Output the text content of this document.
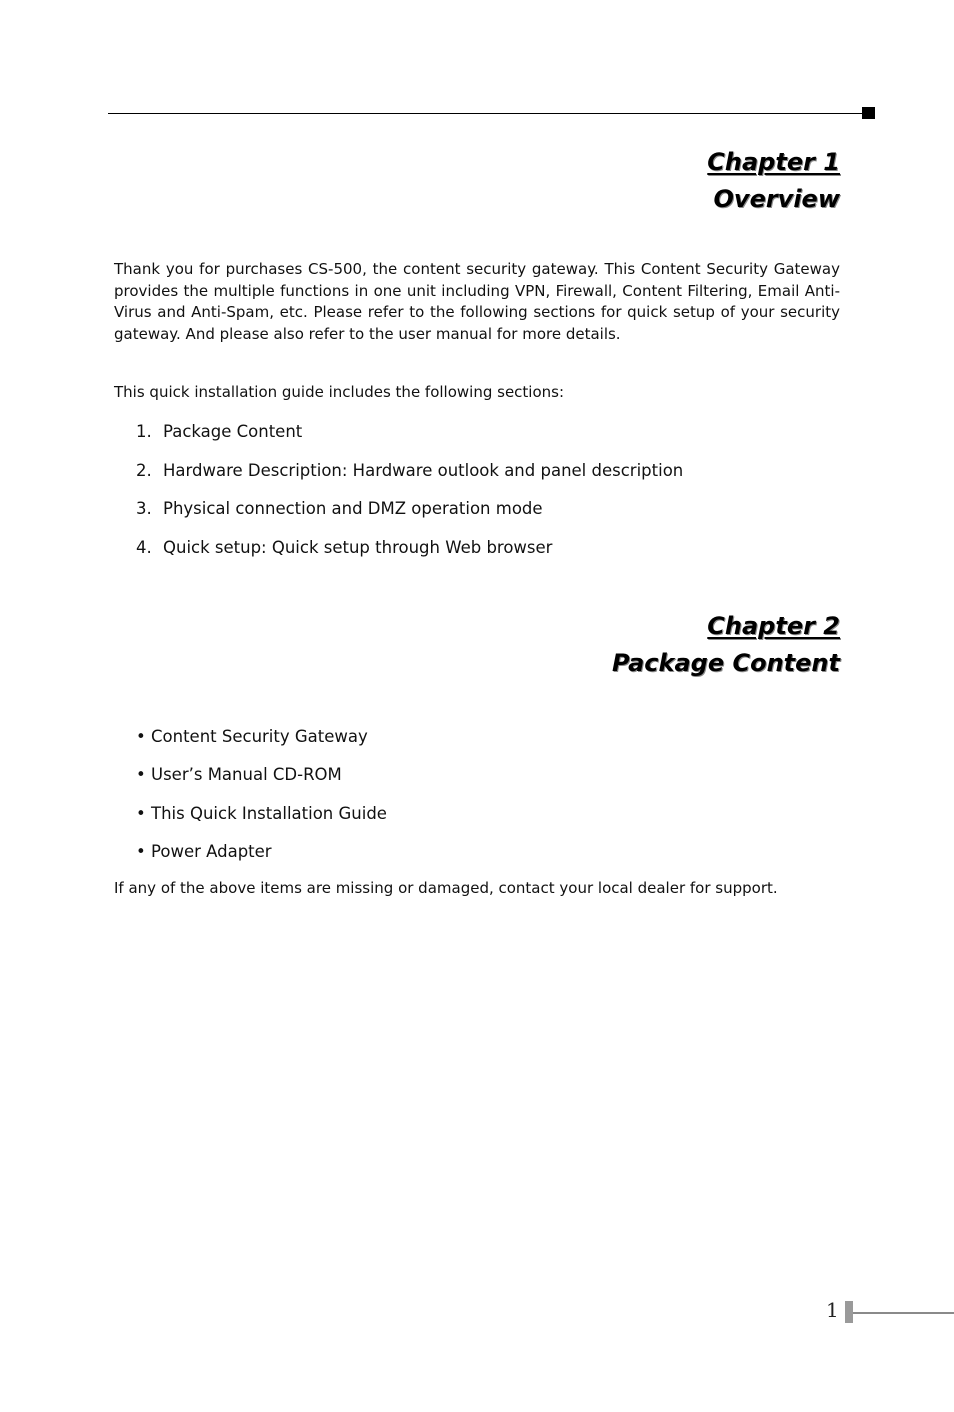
Chapter 1
Overview

Thank you for purchases CS-500, the content security gateway. This Content Security Gateway provides the multiple functions in one unit including VPN, Firewall, Content Filtering, Email Anti-Virus and Anti-Spam, etc. Please refer to the following sections for quick setup of your security gateway. And please also refer to the user manual for more details.

This quick installation guide includes the following sections:

1. Package Content
2. Hardware Description: Hardware outlook and panel description
3. Physical connection and DMZ operation mode
4. Quick setup: Quick setup through Web browser
Chapter 2
Package Content
• Content Security Gateway
• User’s Manual CD-ROM
• This Quick Installation Guide
• Power Adapter

If any of the above items are missing or damaged, contact your local dealer for support.

1
